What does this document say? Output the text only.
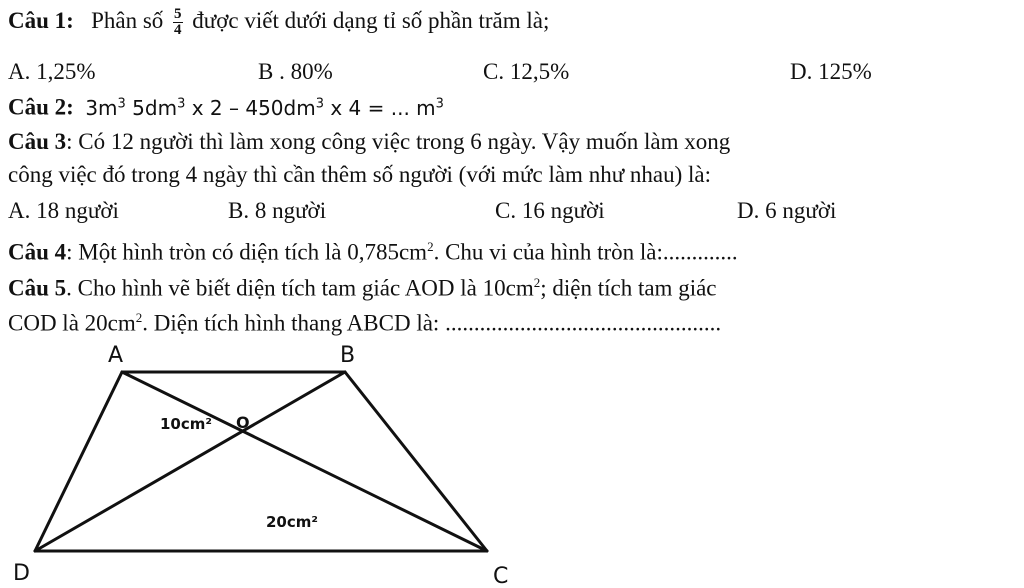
Câu 1: Phân số $\frac{5}{4}$ được viết dưới dạng tỉ số phần trăm là;
A. 1,25%	B . 80%	C. 12,5%	D. 125%
Câu 2: $3m^3$ $5dm^3$ x $2 - 450dm^3$ x 4 = ... $m^3$
Câu 3: Có 12 người thì làm xong công việc trong 6 ngày. Vậy muốn làm xong
công việc đó trong 4 ngày thì cần thêm số người (với mức làm như nhau) là:
A. 18 người	B. 8 người	C. 16 người	D. 6 người
Câu 4: Một hình tròn có diện tích là $0,785cm^2$. Chu vi của hình tròn là:.............
Câu 5. Cho hình vẽ biết diện tích tam giác AOD là $10cm^2$; diện tích tam giác
COD là $20cm^2$. Diện tích hình thang ABCD là: ................................................
A	B
C
D
O
10cm²
20cm²
